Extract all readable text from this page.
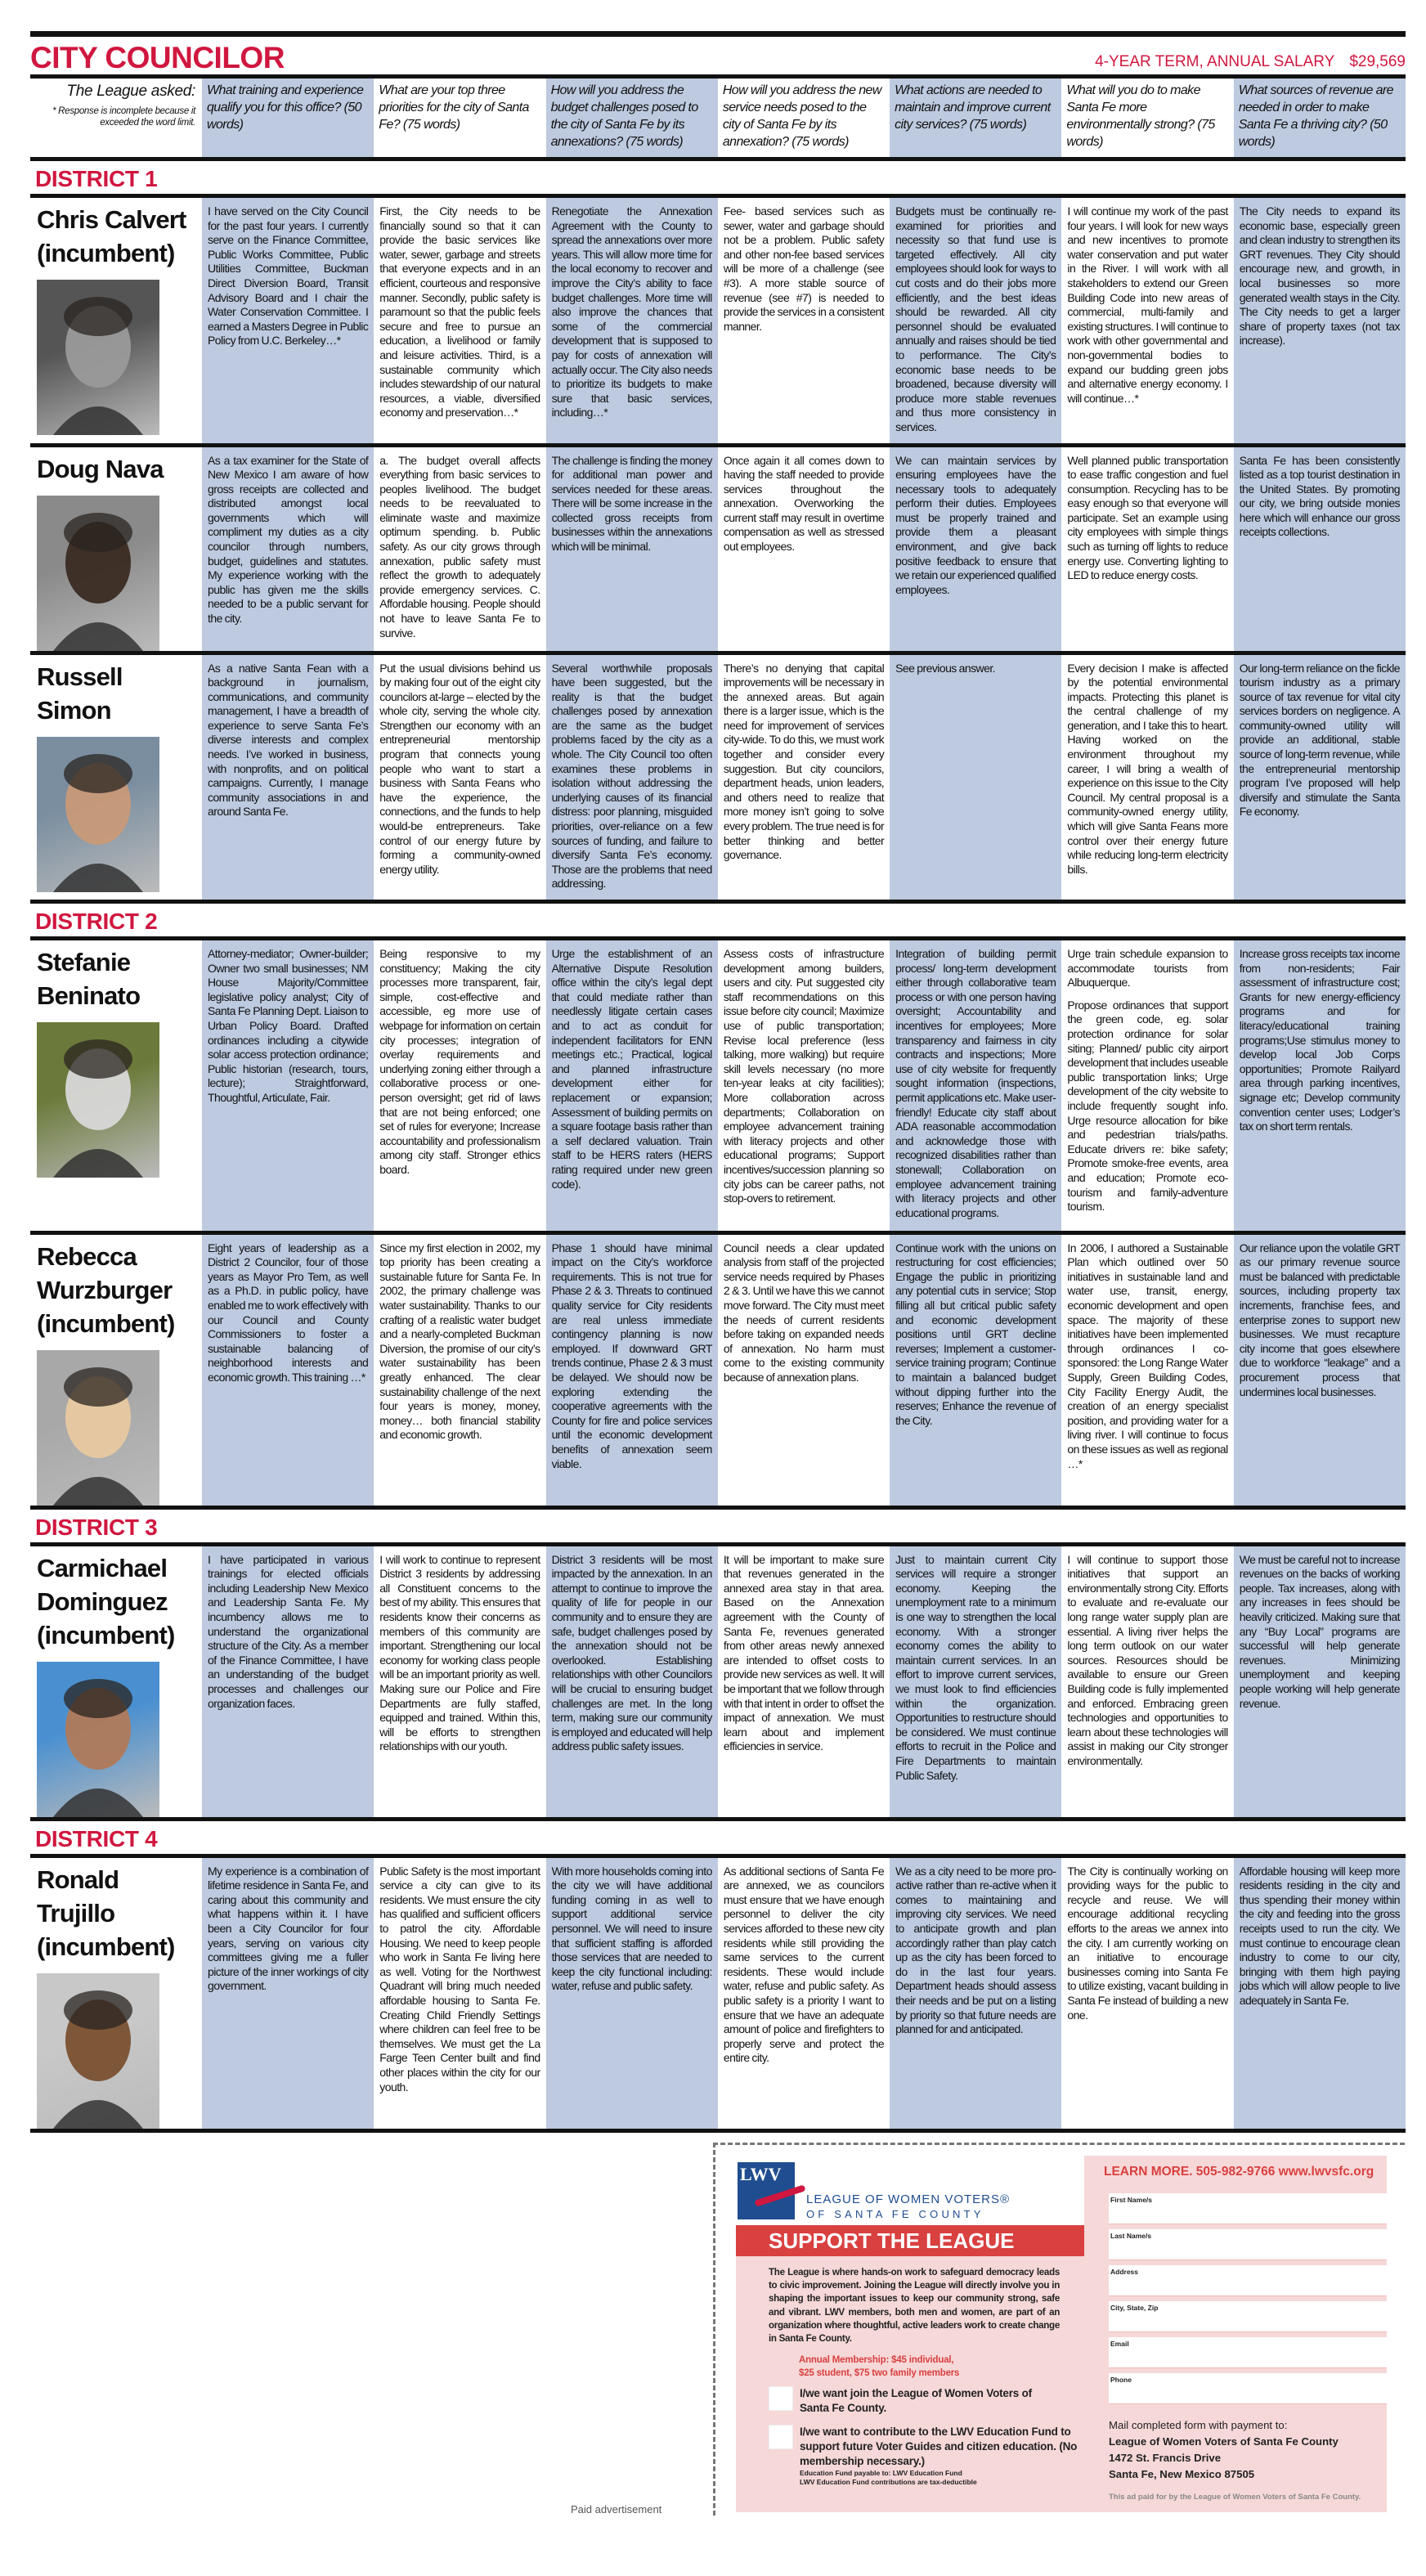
CITY COUNCILOR	4-YEAR TERM, ANNUAL SALARY $29,569
The League asked:
* Response is incomplete because it exceeded the word limit.
What training and experience qualify you for this office? (50 words)
What are your top three priorities for the city of Santa Fe? (75 words)
How will you address the budget challenges posed to the city of Santa Fe by its annexations? (75 words)
How will you address the new service needs posed to the city of Santa Fe by its annexation? (75 words)
What actions are needed to maintain and improve current city services? (75 words)
What will you do to make Santa Fe more environmentally strong? (75 words)
What sources of revenue are needed in order to make Santa Fe a thriving city? (50 words)
DISTRICT 1
Chris Calvert (incumbent)
I have served on the City Council for the past four years. I currently serve on the Finance Committee, Public Works Committee, Public Utilities Committee, Buckman Direct Diversion Board, Transit Advisory Board and I chair the Water Conservation Committee. I earned a Masters Degree in Public Policy from U.C. Berkeley…*
First, the City needs to be financially sound so that it can provide the basic services like water, sewer, garbage and streets that everyone expects and in an efficient, courteous and responsive manner. Secondly, public safety is paramount so that the public feels secure and free to pursue an education, a livelihood or family and leisure activities. Third, is a sustainable community which includes stewardship of our natural resources, a viable, diversified economy and preservation…*
Renegotiate the Annexation Agreement with the County to spread the annexations over more years. This will allow more time for the local economy to recover and improve the City’s ability to face budget challenges. More time will also improve the chances that some of the commercial development that is supposed to pay for costs of annexation will actually occur. The City also needs to prioritize its budgets to make sure that basic services, including…*
Fee- based services such as sewer, water and garbage should not be a problem. Public safety and other non-fee based services will be more of a challenge (see #3). A more stable source of revenue (see #7) is needed to provide the services in a consistent manner.
Budgets must be continually re-examined for priorities and necessity so that fund use is targeted effectively. All city employees should look for ways to cut costs and do their jobs more efficiently, and the best ideas should be rewarded. All city personnel should be evaluated annually and raises should be tied to performance. The City’s economic base needs to be broadened, because diversity will produce more stable revenues and thus more consistency in services.
I will continue my work of the past four years. I will look for new ways and new incentives to promote water conservation and put water in the River. I will work with all stakeholders to extend our Green Building Code into new areas of commercial, multi-family and existing structures. I will continue to work with other governmental and non-governmental bodies to expand our budding green jobs and alternative energy economy. I will continue…*
The City needs to expand its economic base, especially green and clean industry to strengthen its GRT revenues. They City should encourage new, and growth, in local businesses so more generated wealth stays in the City. The City needs to get a larger share of property taxes (not tax increase).
Doug Nava	As a tax examiner for the State of New Mexico I am aware of how gross receipts are collected and distributed amongst local governments which will compliment my duties as a city councilor through numbers, budget, guidelines and statutes. My experience working with the public has given me the skills needed to be a public servant for the city.
a. The budget overall affects everything from basic services to peoples livelihood. The budget needs to be reevaluated to eliminate waste and maximize optimum spending. b. Public safety. As our city grows through annexation, public safety must reflect the growth to adequately provide emergency services. C. Affordable housing. People should not have to leave Santa Fe to survive.
The challenge is finding the money for additional man power and services needed for these areas. There will be some increase in the collected gross receipts from businesses within the annexations which will be minimal.
Once again it all comes down to having the staff needed to provide services throughout the annexation. Overworking the current staff may result in overtime compensation as well as stressed out employees.
We can maintain services by ensuring employees have the necessary tools to adequately perform their duties. Employees must be properly trained and provide them a pleasant environment, and give back positive feedback to ensure that we retain our experienced qualified employees.
Well planned public transportation to ease traffic congestion and fuel consumption. Recycling has to be easy enough so that everyone will participate. Set an example using city employees with simple things such as turning off lights to reduce energy use. Converting lighting to LED to reduce energy costs.
Santa Fe has been consistently listed as a top tourist destination in the United States. By promoting our city, we bring outside monies here which will enhance our gross receipts collections.
Russell Simon
As a native Santa Fean with a background in journalism, communications, and community management, I have a breadth of experience to serve Santa Fe’s diverse interests and complex needs. I’ve worked in business, with nonprofits, and on political campaigns. Currently, I manage community associations in and around Santa Fe.
Put the usual divisions behind us by making four out of the eight city councilors at-large – elected by the whole city, serving the whole city. Strengthen our economy with an entrepreneurial mentorship program that connects young people who want to start a business with Santa Feans who have the experience, the connections, and the funds to help would-be entrepreneurs. Take control of our energy future by forming a community-owned energy utility.
Several worthwhile proposals have been suggested, but the reality is that the budget challenges posed by annexation are the same as the budget problems faced by the city as a whole. The City Council too often examines these problems in isolation without addressing the underlying causes of its financial distress: poor planning, misguided priorities, over-reliance on a few sources of funding, and failure to diversify Santa Fe’s economy. Those are the problems that need addressing.
There’s no denying that capital improvements will be necessary in the annexed areas. But again there is a larger issue, which is the need for improvement of services city-wide. To do this, we must work together and consider every suggestion. But city councilors, department heads, union leaders, and others need to realize that more money isn’t going to solve every problem. The true need is for better thinking and better governance.
See previous answer.	Every decision I make is affected by the potential environmental impacts. Protecting this planet is the central challenge of my generation, and I take this to heart. Having worked on the environment throughout my career, I will bring a wealth of experience on this issue to the City Council. My central proposal is a community-owned energy utility, which will give Santa Feans more control over their energy future while reducing long-term electricity bills.
Our long-term reliance on the fickle tourism industry as a primary source of tax revenue for vital city services borders on negligence. A community-owned utility will provide an additional, stable source of long-term revenue, while the entrepreneurial mentorship program I’ve proposed will help diversify and stimulate the Santa Fe economy.
DISTRICT 2
Stefanie Beninato
Attorney-mediator; Owner-builder; Owner two small businesses; NM House Majority/Committee legislative policy analyst; City of Santa Fe Planning Dept. Liaison to Urban Policy Board. Drafted ordinances including a citywide solar access protection ordinance; Public historian (research, tours, lecture); Straightforward, Thoughtful, Articulate, Fair.
Being responsive to my constituency; Making the city processes more transparent, fair, simple, cost-effective and accessible, eg more use of webpage for information on certain city processes; integration of overlay requirements and underlying zoning either through a collaborative process or one-person oversight; get rid of laws that are not being enforced; one set of rules for everyone; Increase accountability and professionalism among city staff. Stronger ethics board.
Urge the establishment of an Alternative Dispute Resolution office within the city’s legal dept that could mediate rather than needlessly litigate certain cases and to act as conduit for independent facilitators for ENN meetings etc.; Practical, logical and planned infrastructure development either for replacement or expansion; Assessment of building permits on a square footage basis rather than a self declared valuation. Train staff to be HERS raters (HERS rating required under new green code).
Assess costs of infrastructure development among builders, users and city. Put suggested city staff recommendations on this issue before city council; Maximize use of public transportation; Revise local preference (less talking, more walking) but require skill levels necessary (no more ten-year leaks at city facilities); More collaboration across departments; Collaboration on employee advancement training with literacy projects and other educational programs; Support incentives/succession planning so city jobs can be career paths, not stop-overs to retirement.
Integration of building permit process/ long-term development either through collaborative team process or with one person having oversight; Accountability and incentives for employees; More transparency and fairness in city contracts and inspections; More use of city website for frequently sought information (inspections, permit applications etc. Make user-friendly! Educate city staff about ADA reasonable accommodation and acknowledge those with recognized disabilities rather than stonewall; Collaboration on employee advancement training with literacy projects and other educational programs.

Urge train schedule expansion to accommodate tourists from Albuquerque.

Propose ordinances that support the green code, eg. solar protection ordinance for solar siting; Planned/ public city airport development that includes useable public transportation links; Urge development of the city website to include frequently sought info. Urge resource allocation for bike and pedestrian trials/paths. Educate drivers re: bike safety; Promote smoke-free events, area and education; Promote eco-tourism and family-adventure tourism.

Increase gross receipts tax income from non-residents; Fair assessment of infrastructure cost; Grants for new energy-efficiency programs and for literacy/educational training programs;Use stimulus money to develop local Job Corps opportunities; Promote Railyard area through parking incentives, signage etc; Develop community convention center uses; Lodger’s tax on short term rentals.
Rebecca Wurzburger (incumbent)
Eight years of leadership as a District 2 Councilor, four of those years as Mayor Pro Tem, as well as a Ph.D. in public policy, have enabled me to work effectively with our Council and County Commissioners to foster a sustainable balancing of neighborhood interests and economic growth. This training …*
Since my first election in 2002, my top priority has been creating a sustainable future for Santa Fe. In 2002, the primary challenge was water sustainability. Thanks to our crafting of a realistic water budget and a nearly-completed Buckman Diversion, the promise of our city’s water sustainability has been greatly enhanced. The clear sustainability challenge of the next four years is money, money, money… both financial stability and economic growth.
Phase 1 should have minimal impact on the City’s workforce requirements. This is not true for Phase 2 & 3. Threats to continued quality service for City residents are real unless immediate contingency planning is now employed. If downward GRT trends continue, Phase 2 & 3 must be delayed. We should now be exploring extending the cooperative agreements with the County for fire and police services until the economic development benefits of annexation seem viable.
Council needs a clear updated analysis from staff of the projected service needs required by Phases 2 & 3. Until we have this we cannot move forward. The City must meet the needs of current residents before taking on expanded needs of annexation. No harm must come to the existing community because of annexation plans.
Continue work with the unions on restructuring for cost efficiencies; Engage the public in prioritizing any potential cuts in service; Stop filling all but critical public safety and economic development positions until GRT decline reverses; Implement a customer-service training program; Continue to maintain a balanced budget without dipping further into the reserves; Enhance the revenue of the City.
In 2006, I authored a Sustainable Plan which outlined over 50 initiatives in sustainable land and water use, transit, energy, economic development and open space. The majority of these initiatives have been implemented through ordinances I co-sponsored: the Long Range Water Supply, Green Building Codes, City Facility Energy Audit, the creation of an energy specialist position, and providing water for a living river. I will continue to focus on these issues as well as regional …*
Our reliance upon the volatile GRT as our primary revenue source must be balanced with predictable sources, including property tax increments, franchise fees, and enterprise zones to support new businesses. We must recapture city income that goes elsewhere due to workforce “leakage” and a procurement process that undermines local businesses.
DISTRICT 3
Carmichael Dominguez (incumbent)
I have participated in various trainings for elected officials including Leadership New Mexico and Leadership Santa Fe. My incumbency allows me to understand the organizational structure of the City. As a member of the Finance Committee, I have an understanding of the budget processes and challenges our organization faces.
I will work to continue to represent District 3 residents by addressing all Constituent concerns to the best of my ability. This ensures that residents know their concerns as members of this community are important. Strengthening our local economy for working class people will be an important priority as well. Making sure our Police and Fire Departments are fully staffed, equipped and trained. Within this, will be efforts to strengthen relationships with our youth.
District 3 residents will be most impacted by the annexation. In an attempt to continue to improve the quality of life for people in our community and to ensure they are safe, budget challenges posed by the annexation should not be overlooked. Establishing relationships with other Councilors will be crucial to ensuring budget challenges are met. In the long term, making sure our community is employed and educated will help address public safety issues.
It will be important to make sure that revenues generated in the annexed area stay in that area. Based on the Annexation agreement with the County of Santa Fe, revenues generated from other areas newly annexed are intended to offset costs to provide new services as well. It will be important that we follow through with that intent in order to offset the impact of annexation. We must learn about and implement efficiencies in service.
Just to maintain current City services will require a stronger economy. Keeping the unemployment rate to a minimum is one way to strengthen the local economy. With a stronger economy comes the ability to maintain current services. In an effort to improve current services, we must look to find efficiencies within the organization. Opportunities to restructure should be considered. We must continue efforts to recruit in the Police and Fire Departments to maintain Public Safety.
I will continue to support those initiatives that support an environmentally strong City. Efforts to evaluate and re-evaluate our long range water supply plan are essential. A living river helps the long term outlook on our water sources. Resources should be available to ensure our Green Building code is fully implemented and enforced. Embracing green technologies and opportunities to learn about these technologies will assist in making our City stronger environmentally.
We must be careful not to increase revenues on the backs of working people. Tax increases, along with any increases in fees should be heavily criticized. Making sure that any “Buy Local” programs are successful will help generate revenues. Minimizing unemployment and keeping people working will help generate revenue.
DISTRICT 4
Ronald Trujillo (incumbent)
My experience is a combination of lifetime residence in Santa Fe, and caring about this community and what happens within it. I have been a City Councilor for four years, serving on various city committees giving me a fuller picture of the inner workings of city government.
Public Safety is the most important service a city can give to its residents. We must ensure the city has qualified and sufficient officers to patrol the city. Affordable Housing. We need to keep people who work in Santa Fe living here as well. Voting for the Northwest Quadrant will bring much needed affordable housing to Santa Fe. Creating Child Friendly Settings where children can feel free to be themselves. We must get the La Farge Teen Center built and find other places within the city for our youth.
With more households coming into the city we will have additional funding coming in as well to support additional service personnel. We will need to insure that sufficient staffing is afforded those services that are needed to keep the city functional including: water, refuse and public safety.
As additional sections of Santa Fe are annexed, we as councilors must ensure that we have enough personnel to deliver the city services afforded to these new city residents while still providing the same services to the current residents. These would include water, refuse and public safety. As public safety is a priority I want to ensure that we have an adequate amount of police and firefighters to properly serve and protect the entire city.
We as a city need to be more pro-active rather than re-active when it comes to maintaining and improving city services. We need to anticipate growth and plan accordingly rather than play catch up as the city has been forced to do in the last four years. Department heads should assess their needs and be put on a listing by priority so that future needs are planned for and anticipated.
The City is continually working on providing ways for the public to recycle and reuse. We will encourage additional recycling efforts to the areas we annex into the city. I am currently working on an initiative to encourage businesses coming into Santa Fe to utilize existing, vacant building in Santa Fe instead of building a new one.
Affordable housing will keep more residents residing in the city and thus spending their money within the city and feeding into the gross receipts used to run the city. We must continue to encourage clean industry to come to our city, bringing with them high paying jobs which will allow people to live adequately in Santa Fe.
Paid advertisement
LWV
LEAGUE OF WOMEN VOTERS®
OF SANTA FE COUNTY
SUPPORT THE LEAGUE
The League is where hands-on work to safeguard democracy leads to civic improvement. Joining the League will directly involve you in shaping the important issues to keep our community strong, safe and vibrant. LWV members, both men and women, are part of an organization where thoughtful, active leaders work to create change in Santa Fe County.
Annual Membership: $45 individual,
$25 student, $75 two family members
I/we want join the League of Women Voters of Santa Fe County.
I/we want to contribute to the LWV Education Fund to support future Voter Guides and citizen education. (No membership necessary.)
Education Fund payable to: LWV Education Fund
LWV Education Fund contributions are tax-deductible
LEARN MORE. 505-982-9766 www.lwvsfc.org
First Name/s
Last Name/s
Address
City, State, Zip
Email
Phone
Mail completed form with payment to:
League of Women Voters of Santa Fe County
1472 St. Francis Drive
Santa Fe, New Mexico 87505
This ad paid for by the League of Women Voters of Santa Fe County.
